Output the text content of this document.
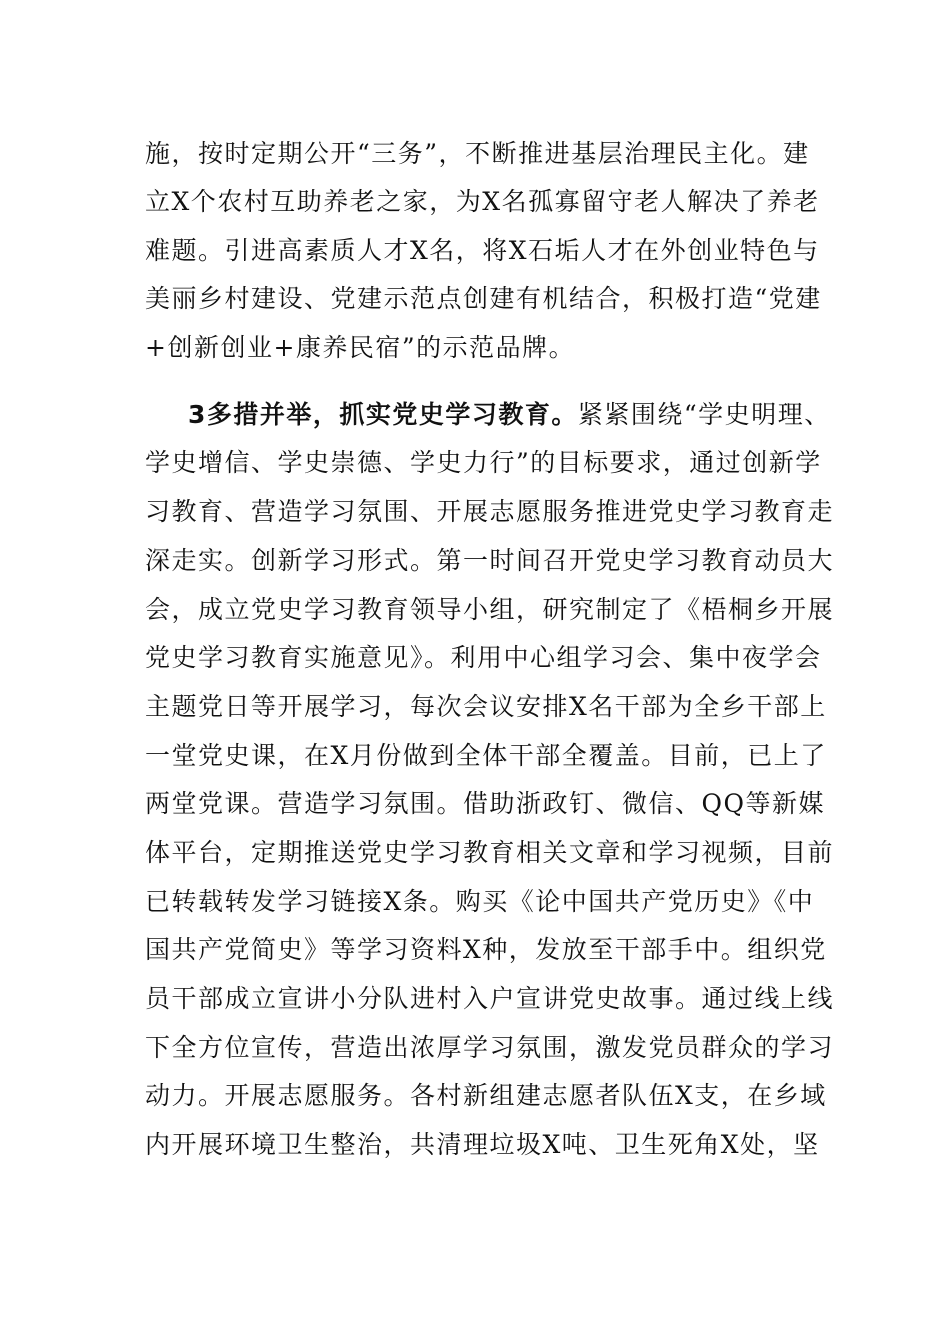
施，按时定期公开“三务”，不断推进基层治理民主化。建
立X个农村互助养老之家，为X名孤寡留守老人解决了养老
难题。引进高素质人才X名，将X石垢人才在外创业特色与
美丽乡村建设、党建示范点创建有机结合，积极打造“党建
+创新创业+康养民宿”的示范品牌。
3多措并举，抓实党史学习教育。紧紧围绕“学史明理、
学史增信、学史崇德、学史力行”的目标要求，通过创新学
习教育、营造学习氛围、开展志愿服务推进党史学习教育走
深走实。创新学习形式。第一时间召开党史学习教育动员大
会，成立党史学习教育领导小组，研究制定了《梧桐乡开展
党史学习教育实施意见》。利用中心组学习会、集中夜学会
主题党日等开展学习，每次会议安排X名干部为全乡干部上
一堂党史课，在X月份做到全体干部全覆盖。目前，已上了
两堂党课。营造学习氛围。借助浙政钉、微信、QQ等新媒
体平台，定期推送党史学习教育相关文章和学习视频，目前
已转载转发学习链接X条。购买《论中国共产党历史》《中
国共产党简史》等学习资料X种，发放至干部手中。组织党
员干部成立宣讲小分队进村入户宣讲党史故事。通过线上线
下全方位宣传，营造出浓厚学习氛围，激发党员群众的学习
动力。开展志愿服务。各村新组建志愿者队伍X支，在乡域
内开展环境卫生整治，共清理垃圾X吨、卫生死角X处，坚
